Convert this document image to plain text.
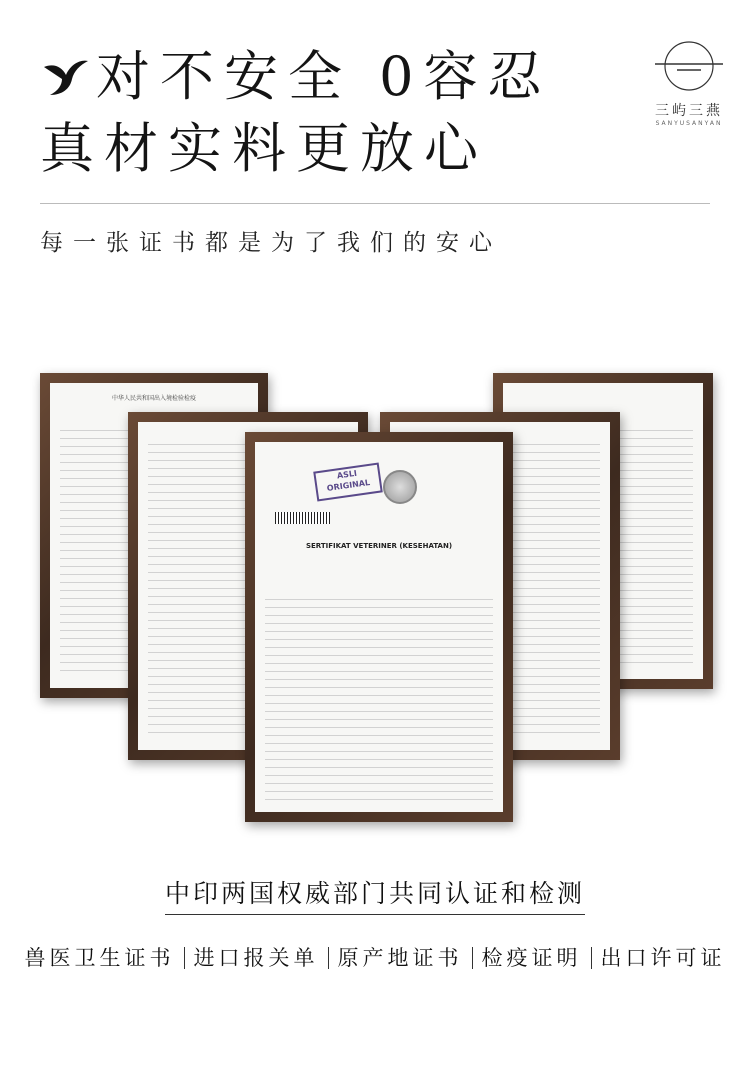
对不安全 0容忍
真材实料更放心
三屿三燕
SANYUSANYAN
每一张证书都是为了我们的安心
中华人民共和国出入境检验检疫
ASLI ORIGINAL
SERTIFIKAT VETERINER (KESEHATAN)
中印两国权威部门共同认证和检测
兽医卫生证书 进口报关单 原产地证书 检疫证明 出口许可证
